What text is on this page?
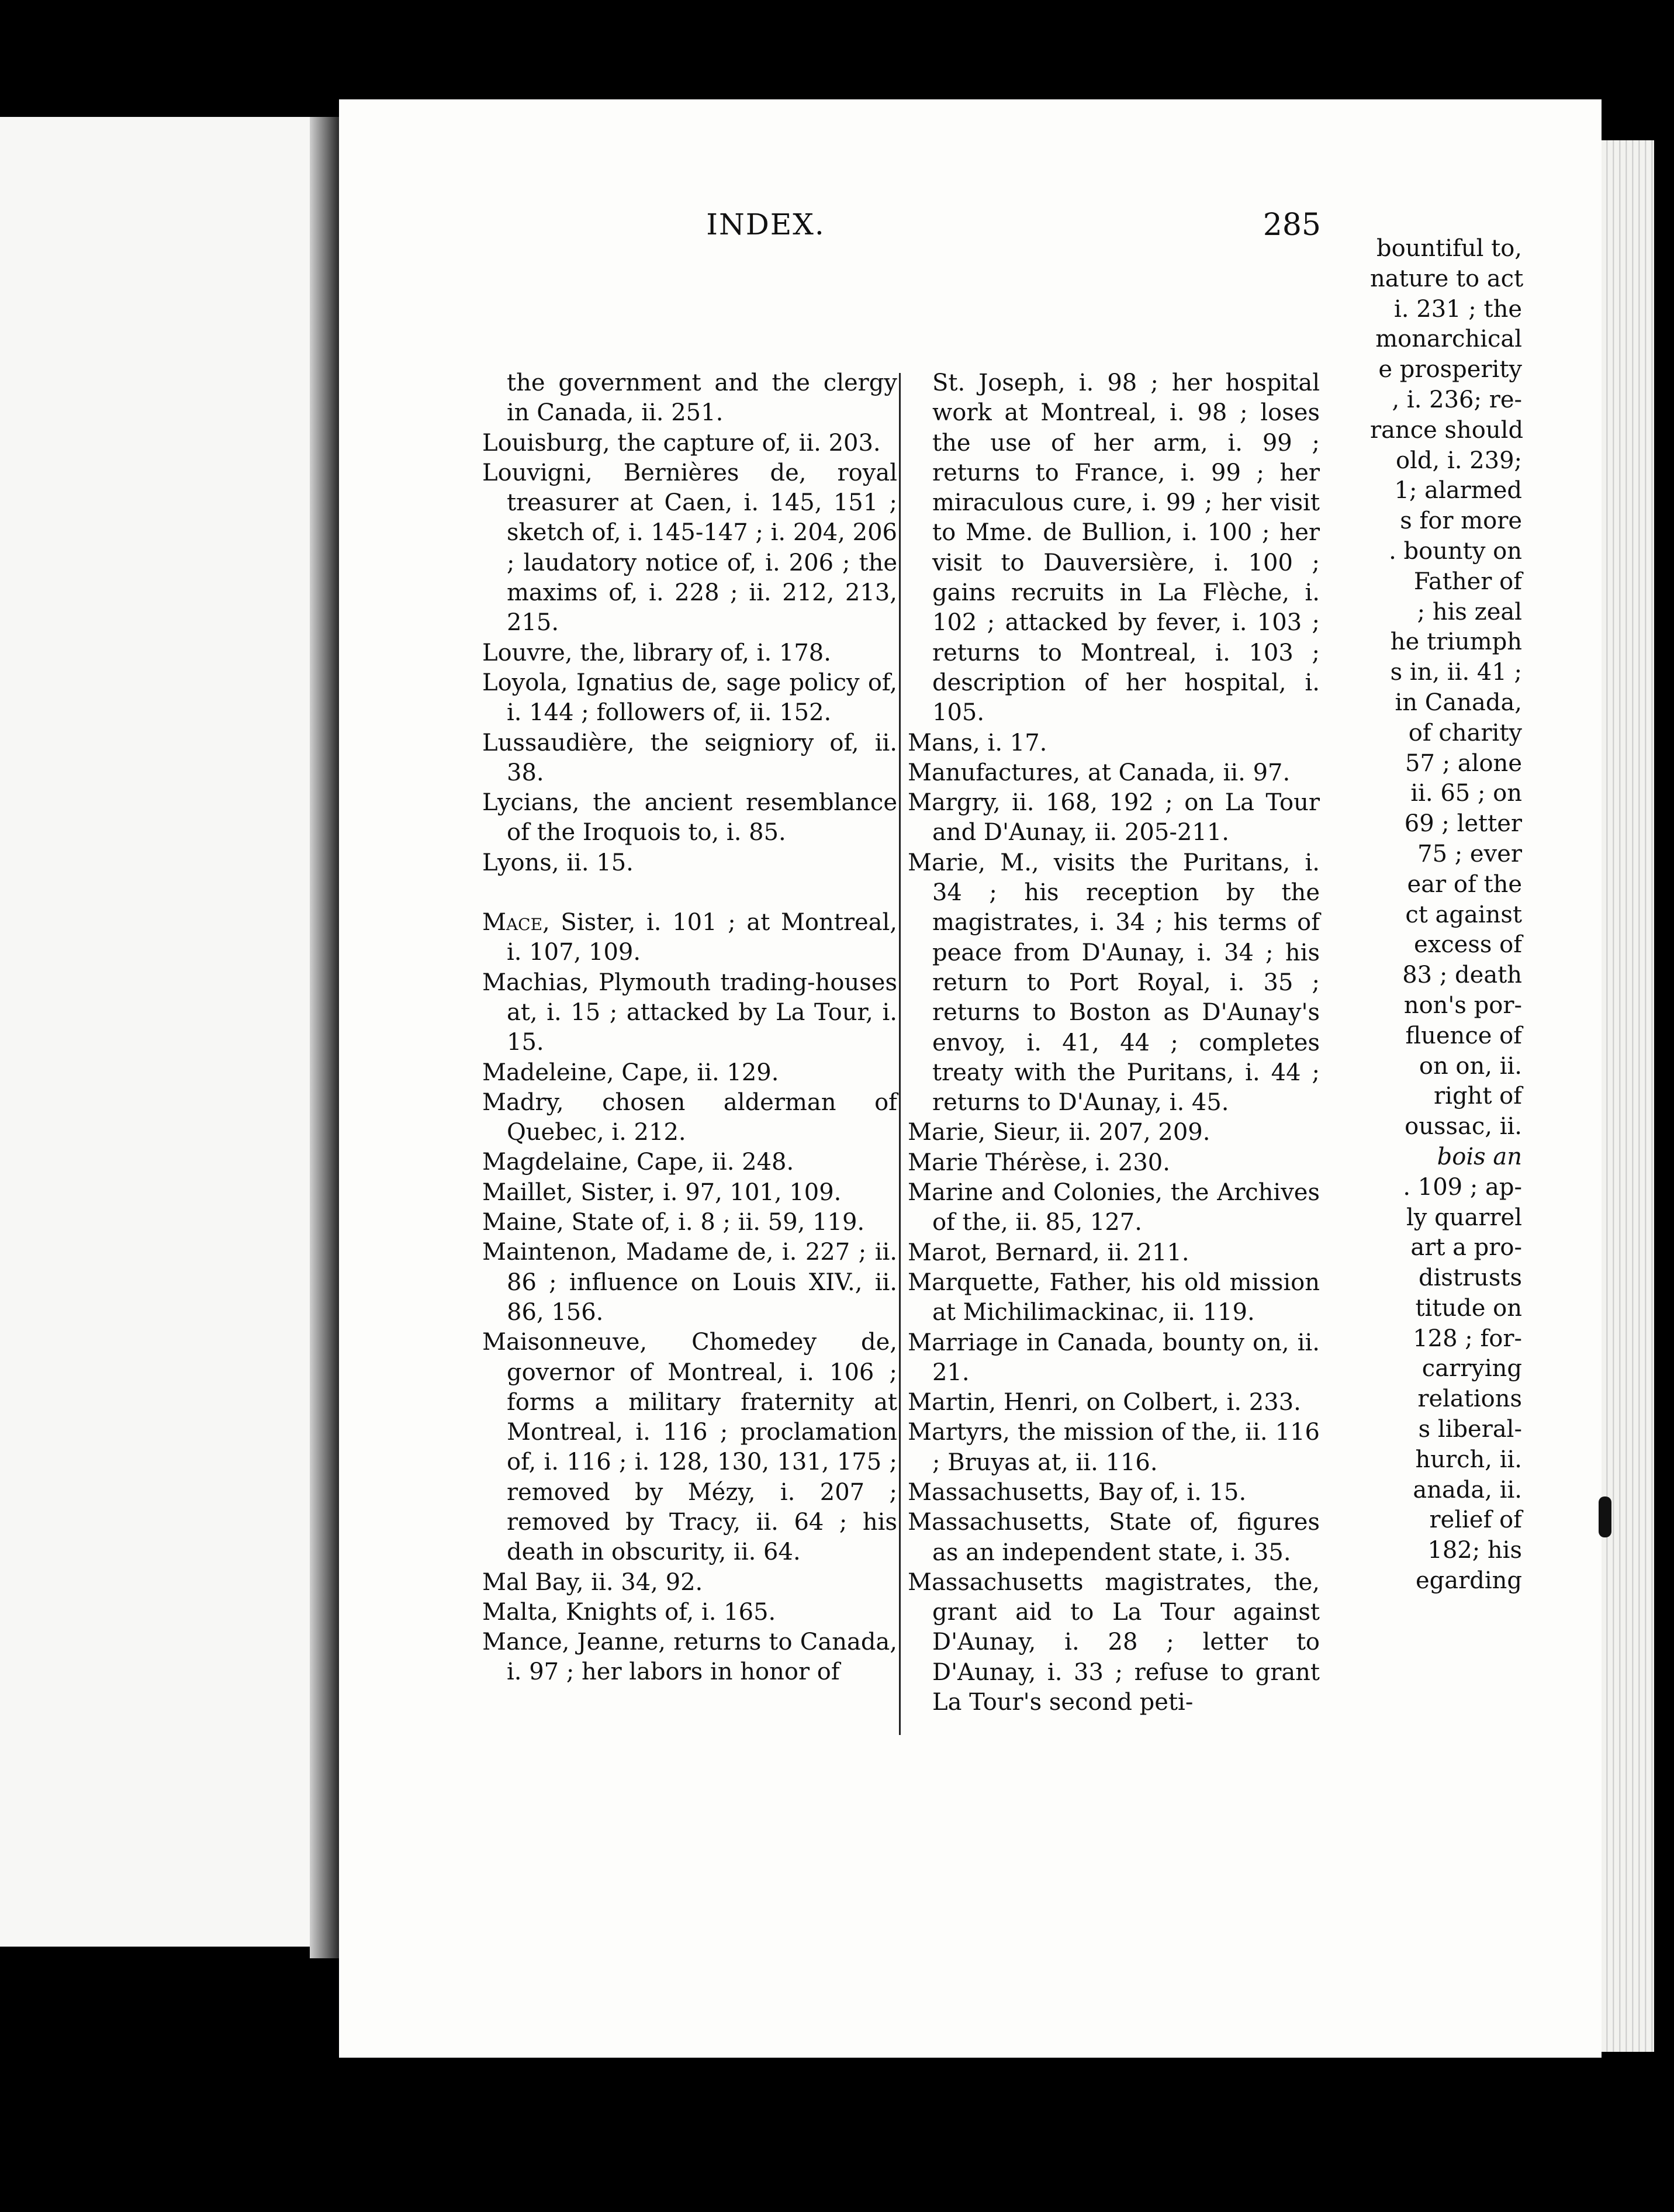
bountiful to,
nature to act
i. 231 ; the
monarchical
e prosperity
, i. 236; re-
rance should
old, i. 239;
1; alarmed
s for more
. bounty on
Father of
; his zeal
he triumph
s in, ii. 41 ;
in Canada,
of charity
57 ; alone
ii. 65 ; on
69 ; letter
75 ; ever
ear of the
ct against
excess of
83 ; death
non's por-
fluence of
on on, ii.
right of
oussac, ii.
bois an
. 109 ; ap-
ly quarrel
art a pro-
distrusts
titude on
128 ; for-
carrying
relations
s liberal-
hurch, ii.
anada, ii.
relief of
182; his
egarding
INDEX.	285
the government and the clergy in Canada, ii. 251.
Louisburg, the capture of, ii. 203.
Louvigni, Bernières de, royal treasurer at Caen, i. 145, 151 ; sketch of, i. 145-147 ; i. 204, 206 ; laudatory notice of, i. 206 ; the maxims of, i. 228 ; ii. 212, 213, 215.
Louvre, the, library of, i. 178.
Loyola, Ignatius de, sage policy of, i. 144 ; followers of, ii. 152.
Lussaudière, the seigniory of, ii. 38.
Lycians, the ancient resemblance of the Iroquois to, i. 85.
Lyons, ii. 15.
Mace, Sister, i. 101 ; at Montreal, i. 107, 109.
Machias, Plymouth trading-houses at, i. 15 ; attacked by La Tour, i. 15.
Madeleine, Cape, ii. 129.
Madry, chosen alderman of Quebec, i. 212.
Magdelaine, Cape, ii. 248.
Maillet, Sister, i. 97, 101, 109.
Maine, State of, i. 8 ; ii. 59, 119.
Maintenon, Madame de, i. 227 ; ii. 86 ; influence on Louis XIV., ii. 86, 156.
Maisonneuve, Chomedey de, governor of Montreal, i. 106 ; forms a military fraternity at Montreal, i. 116 ; proclamation of, i. 116 ; i. 128, 130, 131, 175 ; removed by Mézy, i. 207 ; removed by Tracy, ii. 64 ; his death in obscurity, ii. 64.
Mal Bay, ii. 34, 92.
Malta, Knights of, i. 165.
Mance, Jeanne, returns to Canada, i. 97 ; her labors in honor of
St. Joseph, i. 98 ; her hospital work at Montreal, i. 98 ; loses the use of her arm, i. 99 ; returns to France, i. 99 ; her miraculous cure, i. 99 ; her visit to Mme. de Bullion, i. 100 ; her visit to Dauversière, i. 100 ; gains recruits in La Flèche, i. 102 ; attacked by fever, i. 103 ; returns to Montreal, i. 103 ; description of her hospital, i. 105.
Mans, i. 17.
Manufactures, at Canada, ii. 97.
Margry, ii. 168, 192 ; on La Tour and D'Aunay, ii. 205-211.
Marie, M., visits the Puritans, i. 34 ; his reception by the magistrates, i. 34 ; his terms of peace from D'Aunay, i. 34 ; his return to Port Royal, i. 35 ; returns to Boston as D'Aunay's envoy, i. 41, 44 ; completes treaty with the Puritans, i. 44 ; returns to D'Aunay, i. 45.
Marie, Sieur, ii. 207, 209.
Marie Thérèse, i. 230.
Marine and Colonies, the Archives of the, ii. 85, 127.
Marot, Bernard, ii. 211.
Marquette, Father, his old mission at Michilimackinac, ii. 119.
Marriage in Canada, bounty on, ii. 21.
Martin, Henri, on Colbert, i. 233.
Martyrs, the mission of the, ii. 116 ; Bruyas at, ii. 116.
Massachusetts, Bay of, i. 15.
Massachusetts, State of, figures as an independent state, i. 35.
Massachusetts magistrates, the, grant aid to La Tour against D'Aunay, i. 28 ; letter to D'Aunay, i. 33 ; refuse to grant La Tour's second peti-
